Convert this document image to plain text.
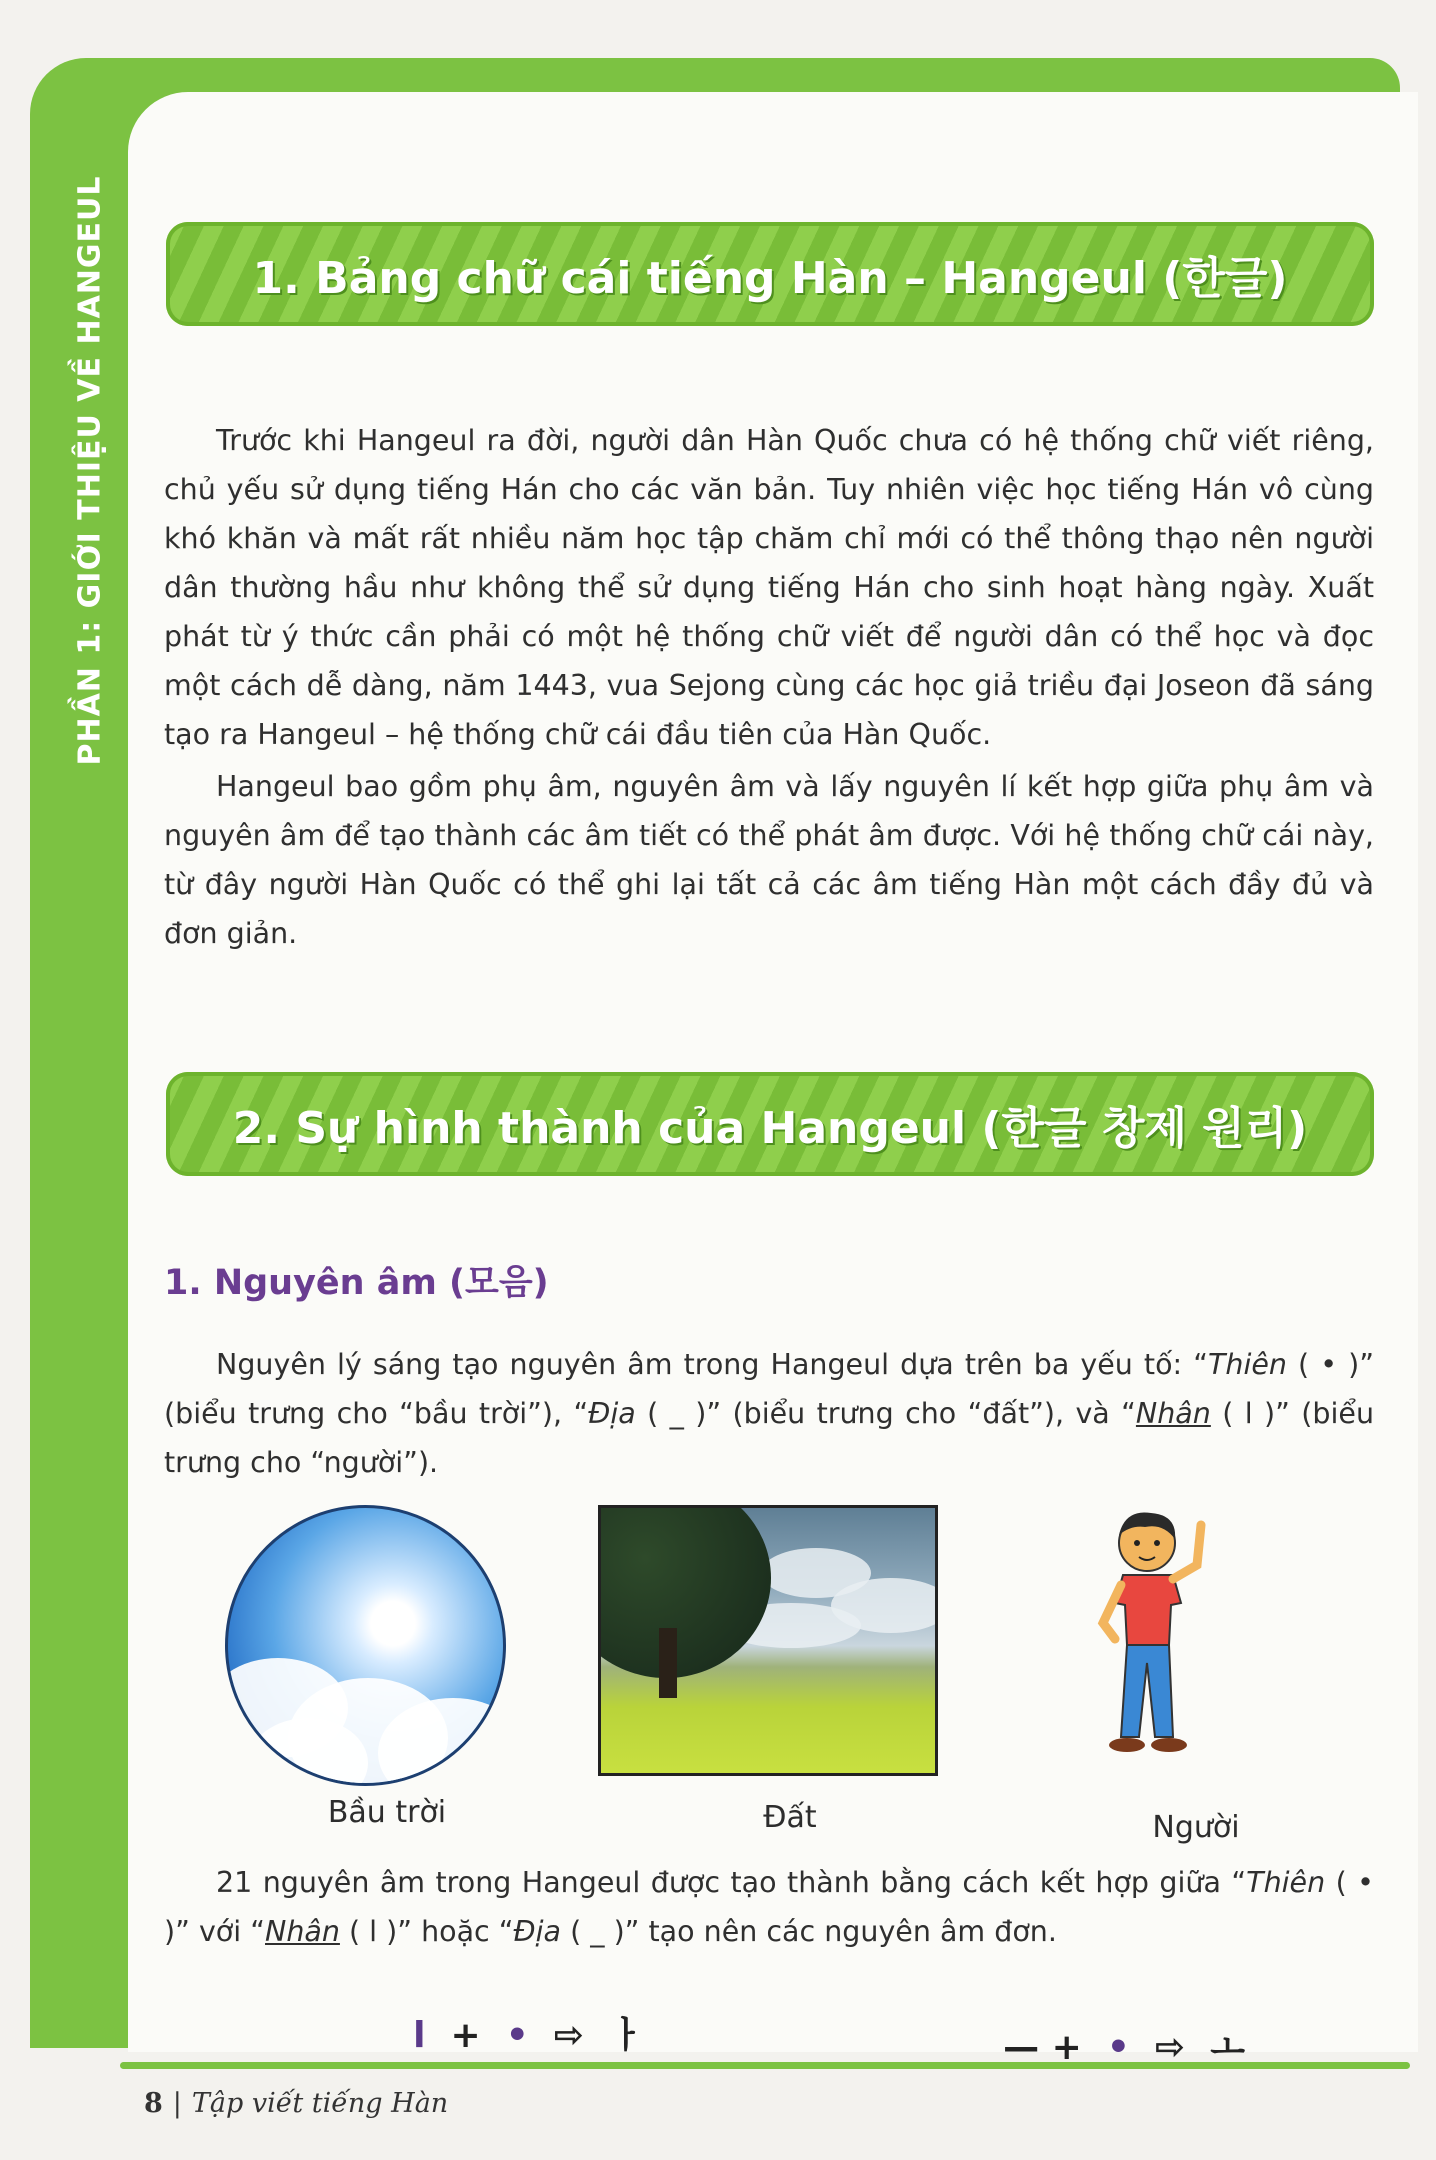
PHẦN 1: GIỚI THIỆU VỀ HANGEUL	1. Bảng chữ cái tiếng Hàn – Hangeul (한글)

Trước khi Hangeul ra đời, người dân Hàn Quốc chưa có hệ thống chữ viết riêng, chủ yếu sử dụng tiếng Hán cho các văn bản. Tuy nhiên việc học tiếng Hán vô cùng khó khăn và mất rất nhiều năm học tập chăm chỉ mới có thể thông thạo nên người dân thường hầu như không thể sử dụng tiếng Hán cho sinh hoạt hàng ngày. Xuất phát từ ý thức cần phải có một hệ thống chữ viết để người dân có thể học và đọc một cách dễ dàng, năm 1443, vua Sejong cùng các học giả triều đại Joseon đã sáng tạo ra Hangeul – hệ thống chữ cái đầu tiên của Hàn Quốc.

Hangeul bao gồm phụ âm, nguyên âm và lấy nguyên lí kết hợp giữa phụ âm và nguyên âm để tạo thành các âm tiết có thể phát âm được. Với hệ thống chữ cái này, từ đây người Hàn Quốc có thể ghi lại tất cả các âm tiếng Hàn một cách đầy đủ và đơn giản.

2. Sự hình thành của Hangeul (한글 창제 원리)
1. Nguyên âm (모음)

Nguyên lý sáng tạo nguyên âm trong Hangeul dựa trên ba yếu tố: “Thiên ( • )” (biểu trưng cho “bầu trời”), “Địa ( _ )” (biểu trưng cho “đất”), và “Nhân ( l )” (biểu trưng cho “người”).

Bầu trời	Đất	Người

21 nguyên âm trong Hangeul được tạo thành bằng cách kết hợp giữa “Thiên ( • )” với “Nhân ( l )” hoặc “Địa ( _ )” tạo nên các nguyên âm đơn.

l + • ⇨ ㅏ	— + • ⇨ ㅗ

8 | Tập viết tiếng Hàn
